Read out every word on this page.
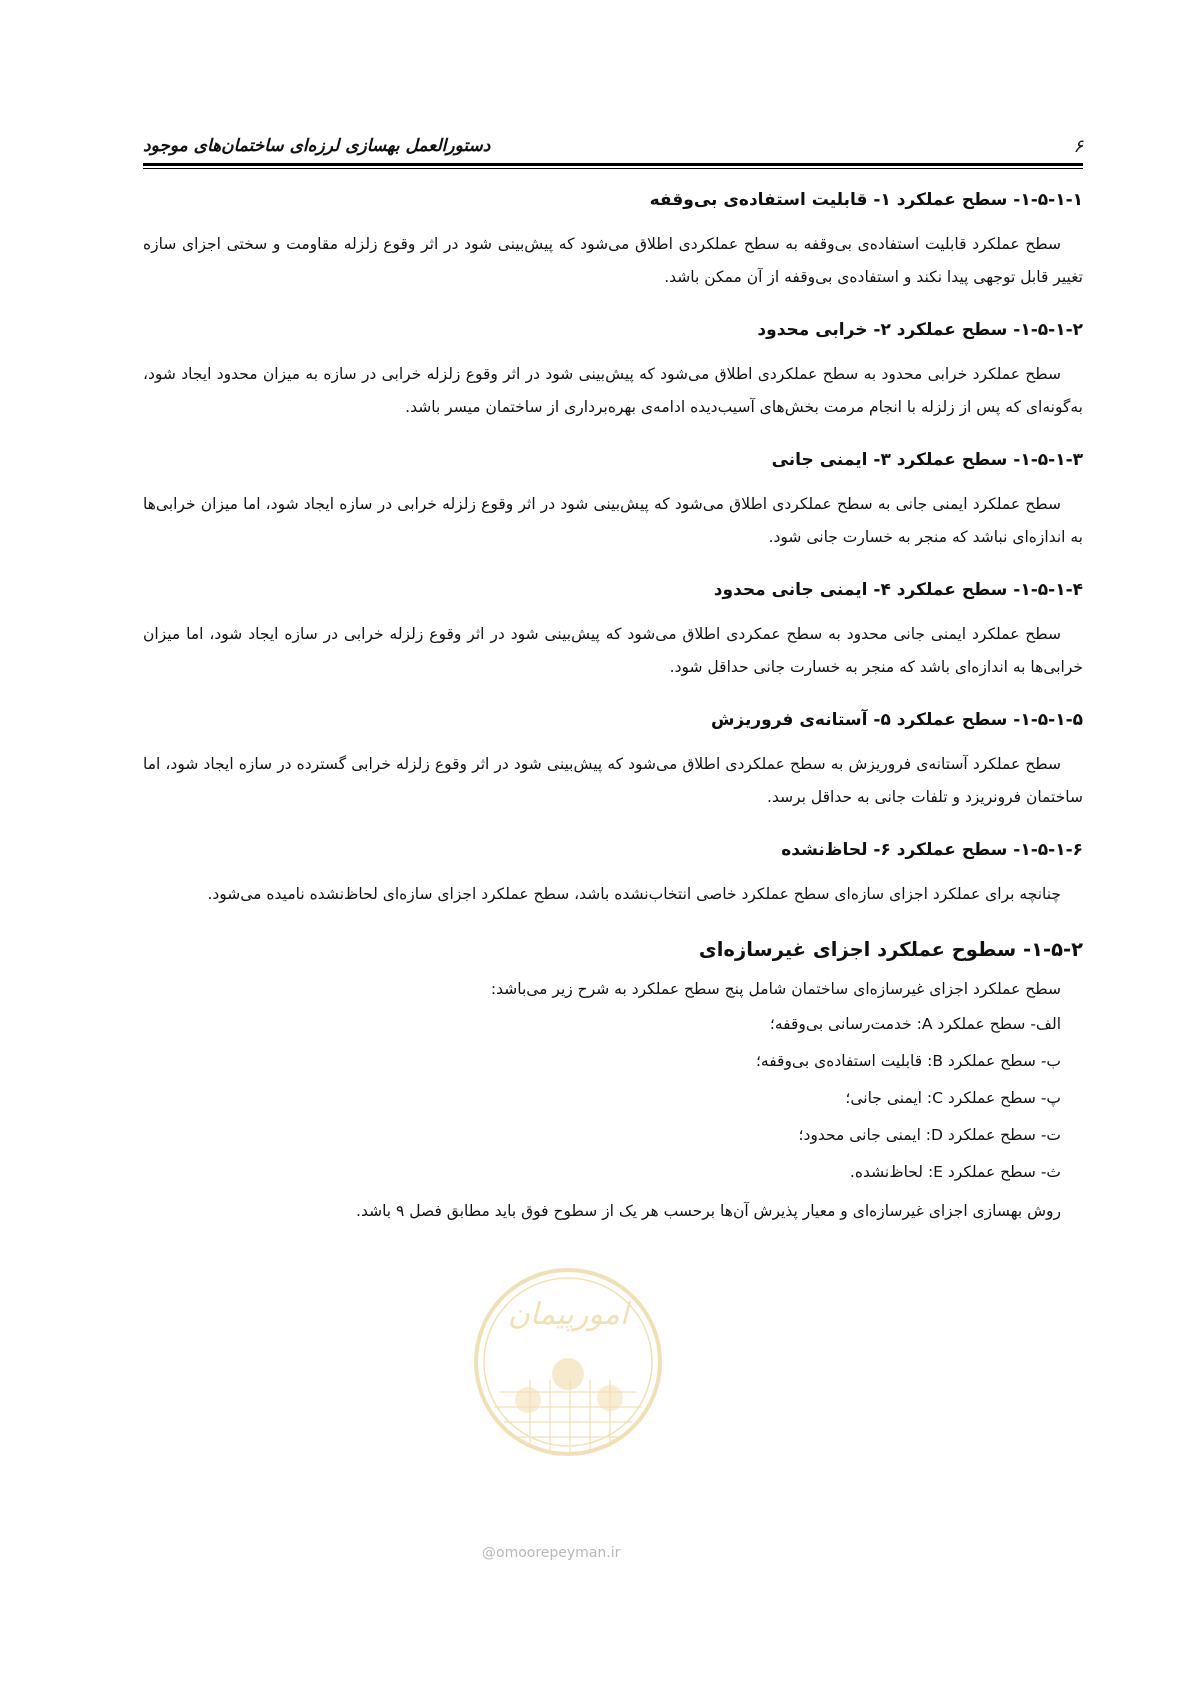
۶
دستورالعمل بهسازی لرزه‌ای ساختمان‌های موجود
۱-۵-۱-۱- سطح عملکرد ۱- قابلیت استفاده‌ی بی‌وقفه

سطح عملکرد قابلیت استفاده‌ی بی‌وقفه به سطح عملکردی اطلاق می‌شود که پیش‌بینی شود در اثر وقوع زلزله مقاومت و سختی اجزای سازه تغییر قابل توجهی پیدا نکند و استفاده‌ی بی‌وقفه از آن ممکن باشد.

۱-۵-۱-۲- سطح عملکرد ۲- خرابی محدود

سطح عملکرد خرابی محدود به سطح عملکردی اطلاق می‌شود که پیش‌بینی شود در اثر وقوع زلزله خرابی در سازه به میزان محدود ایجاد شود، به‌گونه‌ای که پس از زلزله با انجام مرمت بخش‌های آسیب‌دیده ادامه‌ی بهره‌برداری از ساختمان میسر باشد.

۱-۵-۱-۳- سطح عملکرد ۳- ایمنی جانی

سطح عملکرد ایمنی جانی به سطح عملکردی اطلاق می‌شود که پیش‌بینی شود در اثر وقوع زلزله خرابی در سازه ایجاد شود، اما میزان خرابی‌ها به اندازه‌ای نباشد که منجر به خسارت جانی شود.

۱-۵-۱-۴- سطح عملکرد ۴- ایمنی جانی محدود

سطح عملکرد ایمنی جانی محدود به سطح عمکردی اطلاق می‌شود که پیش‌بینی شود در اثر وقوع زلزله خرابی در سازه ایجاد شود، اما میزان خرابی‌ها به اندازه‌ای باشد که منجر به خسارت جانی حداقل شود.

۱-۵-۱-۵- سطح عملکرد ۵- آستانه‌ی فروریزش

سطح عملکرد آستانه‌ی فروریزش به سطح عملکردی اطلاق می‌شود که پیش‌بینی شود در اثر وقوع زلزله خرابی گسترده در سازه ایجاد شود، اما ساختمان فرونریزد و تلفات جانی به حداقل برسد.

۱-۵-۱-۶- سطح عملکرد ۶- لحاظ‌نشده

چنانچه برای عملکرد اجزای سازه‌ای سطح عملکرد خاصی انتخاب‌نشده باشد، سطح عملکرد اجزای سازه‌ای لحاظ‌نشده نامیده می‌شود.

۱-۵-۲- سطوح عملکرد اجزای غیرسازه‌ای

سطح عملکرد اجزای غیرسازه‌ای ساختمان شامل پنج سطح عملکرد به شرح زیر می‌باشد:

الف- سطح عملکرد A: خدمت‌رسانی بی‌وقفه؛
ب- سطح عملکرد B: قابلیت استفاده‌ی بی‌وقفه؛
پ- سطح عملکرد C: ایمنی جانی؛
ت- سطح عملکرد D: ایمنی جانی محدود؛
ث- سطح عملکرد E: لحاظ‌نشده.

روش بهسازی اجزای غیرسازه‌ای و معیار پذیرش آن‌ها برحسب هر یک از سطوح فوق باید مطابق فصل ۹ باشد.

امورپیمان
@omoorepeyman.ir
